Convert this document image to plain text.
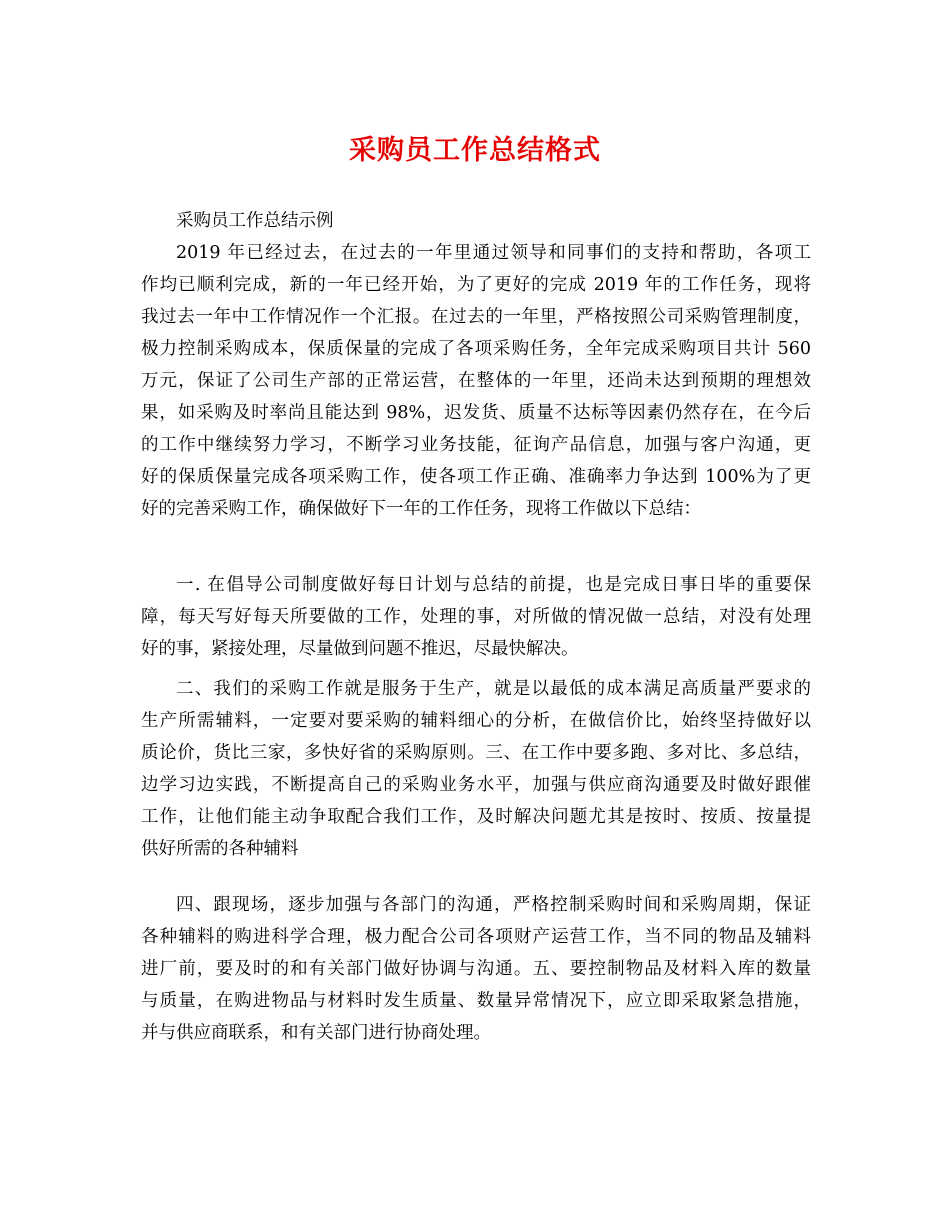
采购员工作总结格式
采购员工作总结示例
2019 年已经过去，在过去的一年里通过领导和同事们的支持和帮助，各项工
作均已顺利完成，新的一年已经开始，为了更好的完成 2019 年的工作任务，现将
我过去一年中工作情况作一个汇报。在过去的一年里，严格按照公司采购管理制度，
极力控制采购成本，保质保量的完成了各项采购任务，全年完成采购项目共计 560
万元，保证了公司生产部的正常运营，在整体的一年里，还尚未达到预期的理想效
果，如采购及时率尚且能达到 98%，迟发货、质量不达标等因素仍然存在，在今后
的工作中继续努力学习，不断学习业务技能，征询产品信息，加强与客户沟通，更
好的保质保量完成各项采购工作，使各项工作正确、准确率力争达到 100%为了更
好的完善采购工作，确保做好下一年的工作任务，现将工作做以下总结：
一. 在倡导公司制度做好每日计划与总结的前提，也是完成日事日毕的重要保
障，每天写好每天所要做的工作，处理的事，对所做的情况做一总结，对没有处理
好的事，紧接处理，尽量做到问题不推迟，尽最快解决。
二、我们的采购工作就是服务于生产，就是以最低的成本满足高质量严要求的
生产所需辅料，一定要对要采购的辅料细心的分析，在做信价比，始终坚持做好以
质论价，货比三家，多快好省的采购原则。三、在工作中要多跑、多对比、多总结，
边学习边实践，不断提高自己的采购业务水平，加强与供应商沟通要及时做好跟催
工作，让他们能主动争取配合我们工作，及时解决问题尤其是按时、按质、按量提
供好所需的各种辅料
四、跟现场，逐步加强与各部门的沟通，严格控制采购时间和采购周期，保证
各种辅料的购进科学合理，极力配合公司各项财产运营工作，当不同的物品及辅料
进厂前，要及时的和有关部门做好协调与沟通。五、要控制物品及材料入库的数量
与质量，在购进物品与材料时发生质量、数量异常情况下，应立即采取紧急措施，
并与供应商联系，和有关部门进行协商处理。
